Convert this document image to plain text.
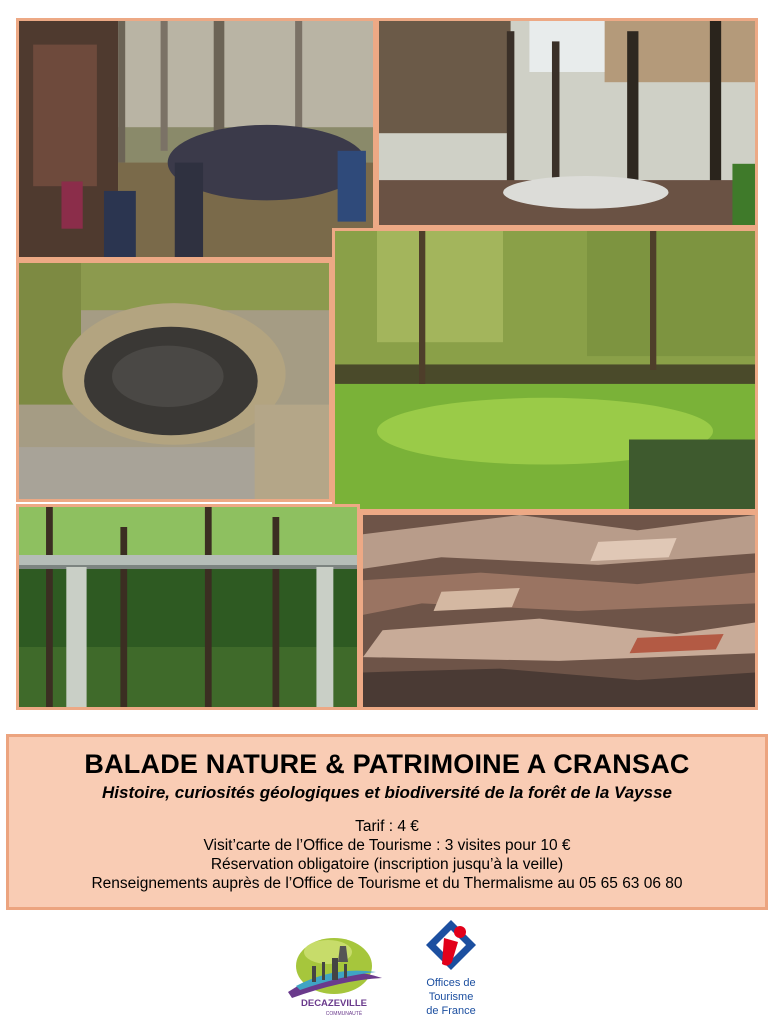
BALADE NATURE & PATRIMOINE A CRANSAC
Histoire, curiosités géologiques et biodiversité de la forêt de la Vaysse
Tarif : 4 €
Visit’carte de l’Office de Tourisme : 3 visites pour 10 €
Réservation obligatoire (inscription jusqu’à la veille)
Renseignements auprès de l’Office de Tourisme et du Thermalisme au 05 65 63 06 80
DECAZEVILLE
COMMUNAUTÉ
Offices de
Tourisme
de France
